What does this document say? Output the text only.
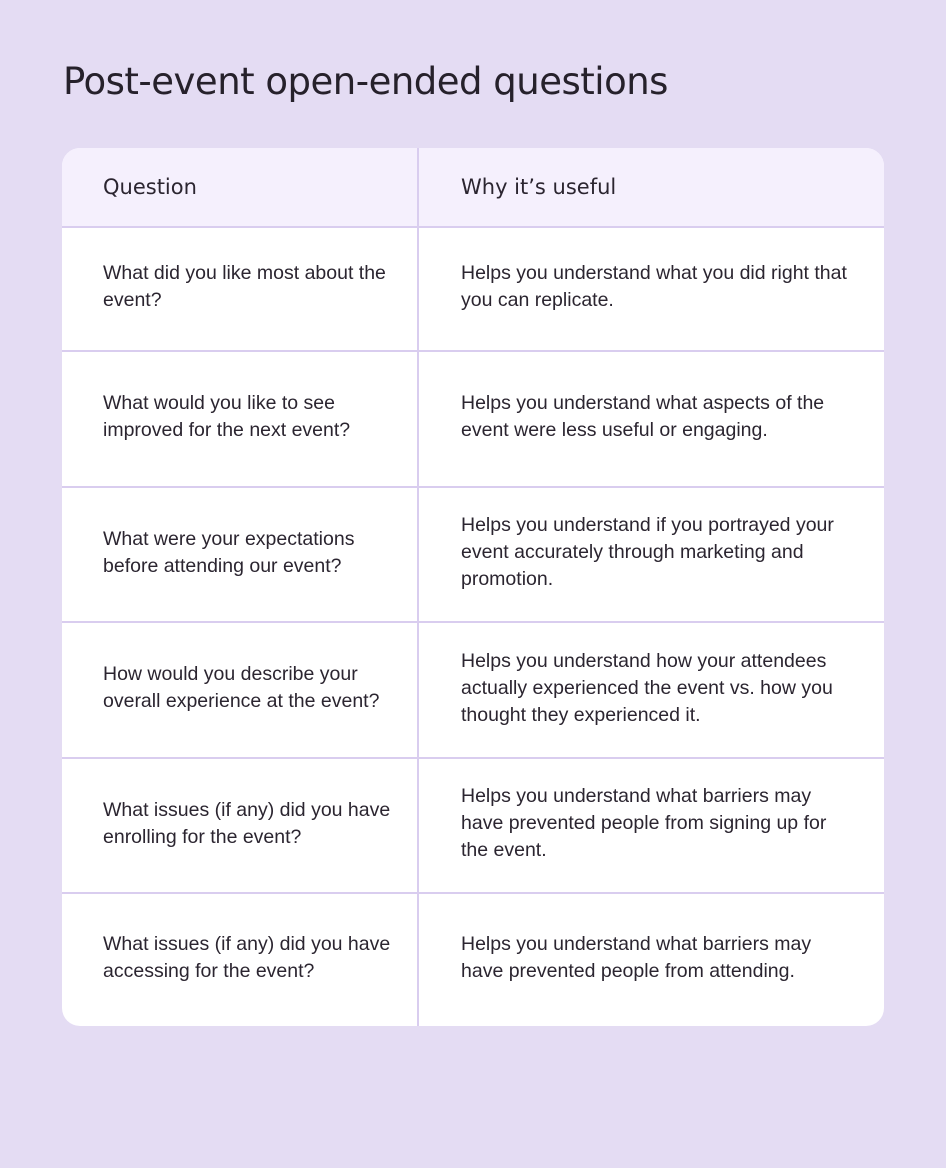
Post-event open-ended questions
Question	Why it’s useful
What did you like most about the event?
Helps you understand what you did right that you can replicate.
What would you like to see improved for the next event?
Helps you understand what aspects of the event were less useful or engaging.
What were your expectations before attending our event?
Helps you understand if you portrayed your event accurately through marketing and promotion.
How would you describe your overall experience at the event?
Helps you understand how your attendees actually experienced the event vs. how you thought they experienced it.
What issues (if any) did you have enrolling for the event?
Helps you understand what barriers may have prevented people from signing up for the event.
What issues (if any) did you have accessing for the event?
Helps you understand what barriers may have prevented people from attending.
